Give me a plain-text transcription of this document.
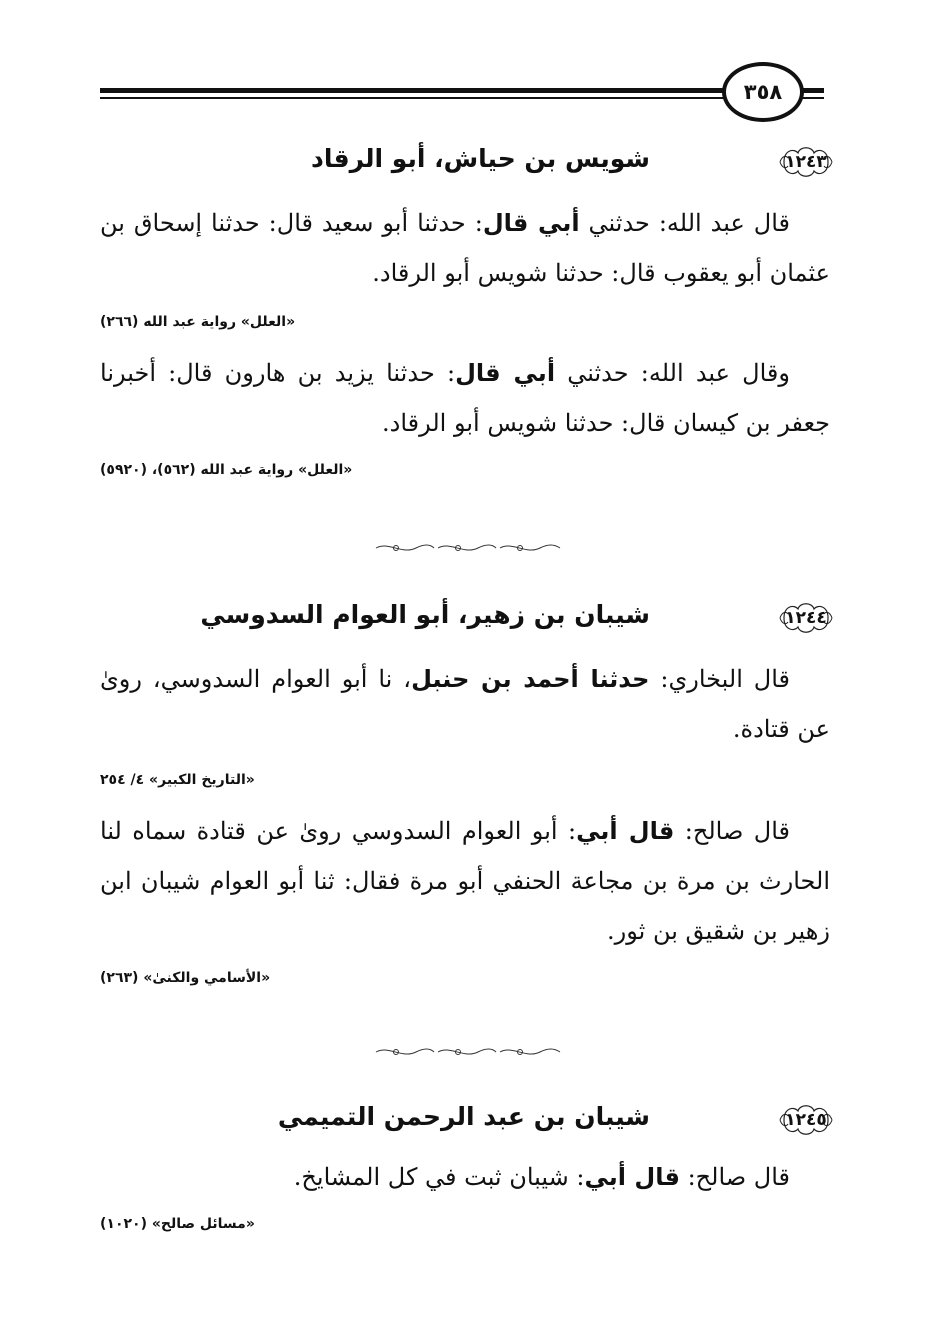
٣٥٨
١٢٤٣
شويس بن حياش، أبو الرقاد

قال عبد الله: حدثني أبي قال: حدثنا أبو سعيد قال: حدثنا إسحاق بن عثمان أبو يعقوب قال: حدثنا شويس أبو الرقاد.

«العلل» رواية عبد الله (٢٦٦)

وقال عبد الله: حدثني أبي قال: حدثنا يزيد بن هارون قال: أخبرنا جعفر بن كيسان قال: حدثنا شويس أبو الرقاد.

«العلل» رواية عبد الله (٥٦٢)، (٥٩٢٠)

١٢٤٤
شيبان بن زهير، أبو العوام السدوسي

قال البخاري: حدثنا أحمد بن حنبل، نا أبو العوام السدوسي، روىٰ عن قتادة.

«التاريخ الكبير» ٤/ ٢٥٤

قال صالح: قال أبي: أبو العوام السدوسي روىٰ عن قتادة سماه لنا الحارث بن مرة بن مجاعة الحنفي أبو مرة فقال: ثنا أبو العوام شيبان ابن زهير بن شقيق بن ثور.

«الأسامي والكنىٰ» (٢٦٣)

١٢٤٥
شيبان بن عبد الرحمن التميمي

قال صالح: قال أبي: شيبان ثبت في كل المشايخ.

«مسائل صالح» (١٠٢٠)
